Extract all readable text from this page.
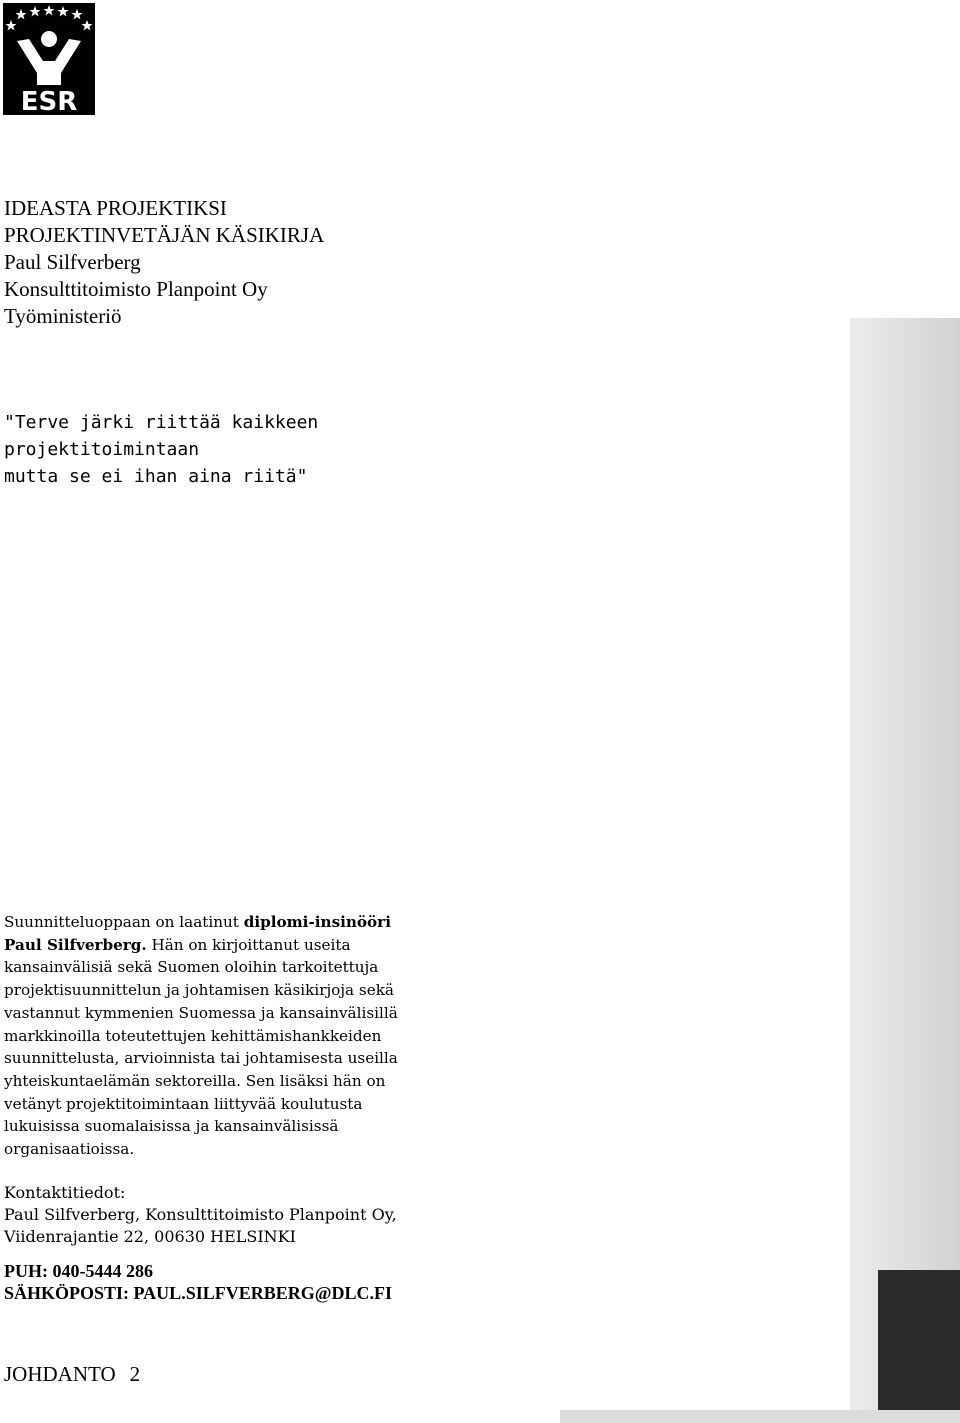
ESR
IDEASTA PROJEKTIKSI
PROJEKTINVETÄJÄN KÄSIKIRJA
Paul Silfverberg
Konsulttitoimisto Planpoint Oy
Työministeriö
"Terve järki riittää kaikkeen
projektitoimintaan
mutta se ei ihan aina riitä"
Suunnitteluoppaan on laatinut diplomi-insinööri
Paul Silfverberg. Hän on kirjoittanut useita
kansainvälisiä sekä Suomen oloihin tarkoitettuja
projektisuunnittelun ja johtamisen käsikirjoja sekä
vastannut kymmenien Suomessa ja kansainvälisillä
markkinoilla toteutettujen kehittämishankkeiden
suunnittelusta, arvioinnista tai johtamisesta useilla
yhteiskuntaelämän sektoreilla. Sen lisäksi hän on
vetänyt projektitoimintaan liittyvää koulutusta
lukuisissa suomalaisissa ja kansainvälisissä
organisaatioissa.
Kontaktitiedot:
Paul Silfverberg, Konsulttitoimisto Planpoint Oy,
Viidenrajantie 22, 00630 HELSINKI
PUH: 040-5444 286
SÄHKÖPOSTI: PAUL.SILFVERBERG@DLC.FI
JOHDANTO 2
